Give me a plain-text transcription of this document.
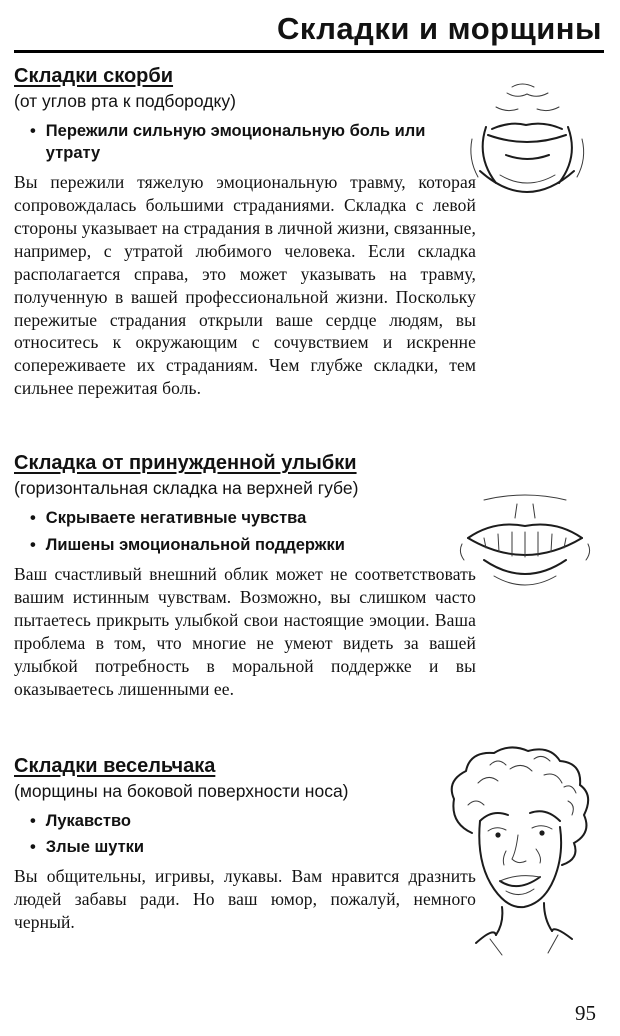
Складки и морщины
Складки скорби
(от углов рта к подбородку)
• Пережили сильную эмоциональную боль или утрату
Вы пережили тяжелую эмоциональную травму, которая сопровождалась большими страданиями. Складка с левой стороны указывает на страдания в личной жизни, связанные, например, с утратой любимого человека. Если складка располагается справа, это может указывать на травму, полученную в вашей профессиональной жизни. Поскольку пережитые страдания открыли ваше сердце людям, вы относитесь к окружающим с сочувствием и искренне сопереживаете их страданиям. Чем глубже складки, тем сильнее пережитая боль.
Складка от принужденной улыбки
(горизонтальная складка на верхней губе)
• Скрываете негативные чувства
• Лишены эмоциональной поддержки
Ваш счастливый внешний облик может не соответствовать вашим истинным чувствам. Возможно, вы слишком часто пытаетесь прикрыть улыбкой свои настоящие эмоции. Ваша проблема в том, что многие не умеют видеть за вашей улыбкой потребность в моральной поддержке и вы оказываетесь лишенными ее.
Складки весельчака
(морщины на боковой поверхности носа)
• Лукавство
• Злые шутки
Вы общительны, игривы, лукавы. Вам нравится дразнить людей забавы ради. Но ваш юмор, пожалуй, немного черный.
95
